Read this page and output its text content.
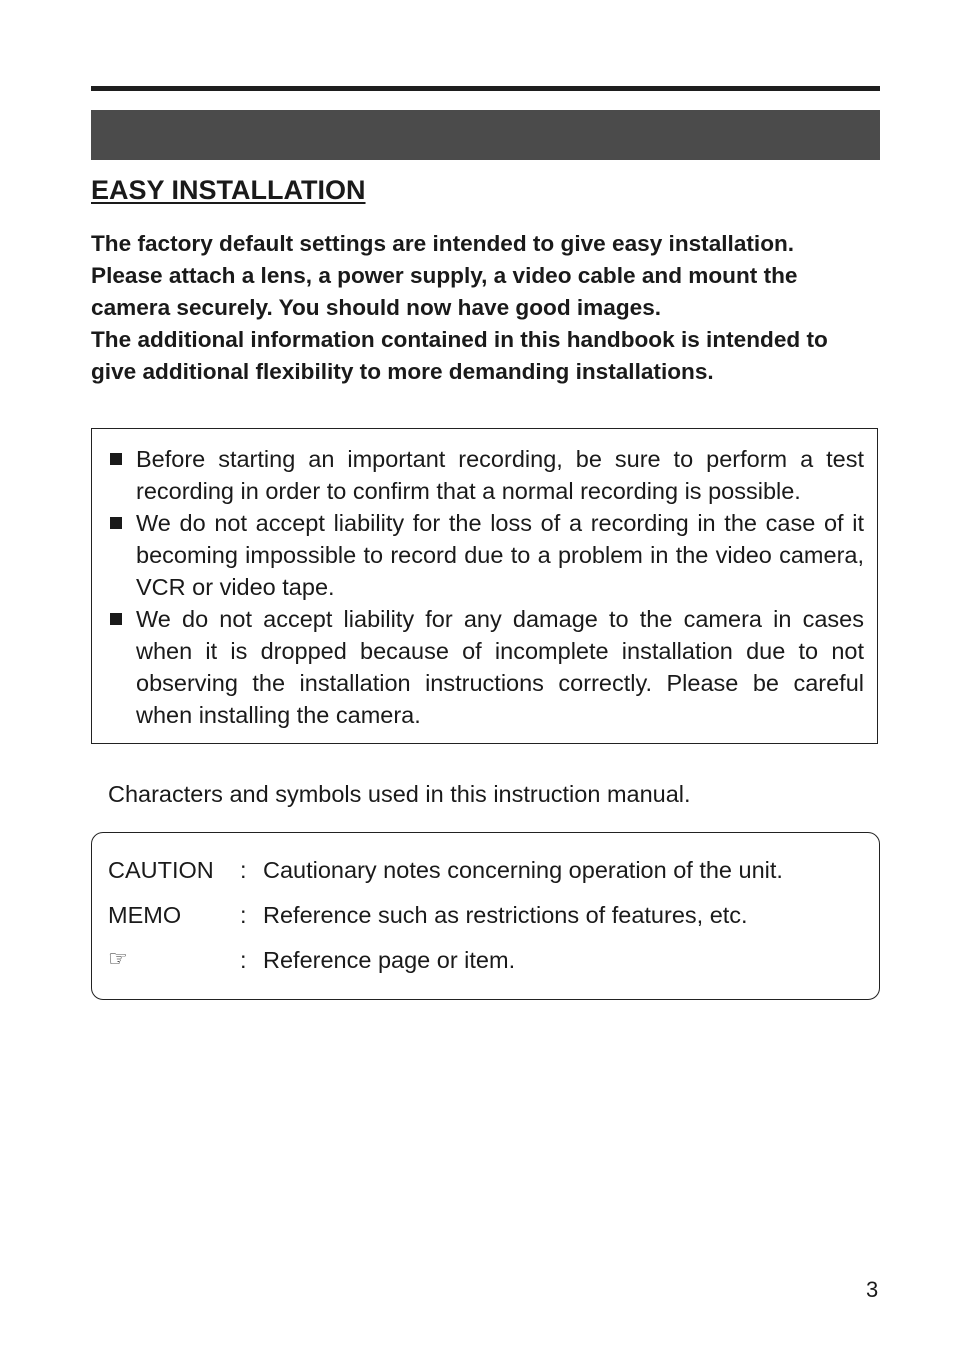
EASY INSTALLATION

The factory default settings are intended to give easy installation.

Please attach a lens, a power supply, a video cable and mount the

camera securely. You should now have good images.

The additional information contained in this handbook is intended to

give additional flexibility to more demanding installations.

Before starting an important recording, be sure to perform a test recording in order to confirm that a normal recording is possible.
We do not accept liability for the loss of a recording in the case of it becoming impossible to record due to a problem in the video camera, VCR or video tape.
We do not accept liability for any damage to the camera in cases when it is dropped because of incomplete installation due to not observing the installation instructions correctly. Please be careful when installing the camera.

Characters and symbols used in this instruction manual.

CAUTION : Cautionary notes concerning operation of the unit.
MEMO	: Reference such as restrictions of features, etc.
☞	: Reference page or item.
3
